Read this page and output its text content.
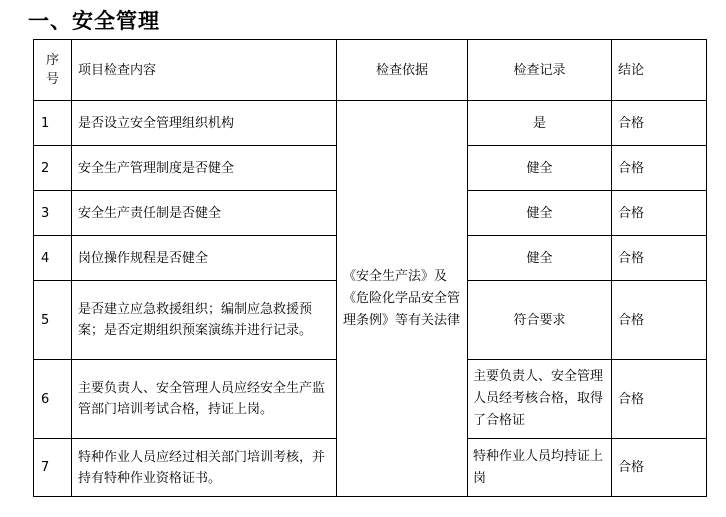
一、安全管理
序号	项目检查内容	检查依据	检查记录	结论
1	是否设立安全管理组织机构	《安全生产法》及《危险化学品安全管理条例》等有关法律	是	合格
2	安全生产管理制度是否健全		健全	合格
3	安全生产责任制是否健全		健全	合格
4	岗位操作规程是否健全		健全	合格
5	是否建立应急救援组织；编制应急救援预案；是否定期组织预案演练并进行记录。		符合要求	合格
6	主要负责人、安全管理人员应经安全生产监管部门培训考试合格，持证上岗。		主要负责人、安全管理人员经考核合格，取得了合格证	合格
7	特种作业人员应经过相关部门培训考核，并持有特种作业资格证书。		特种作业人员均持证上岗	合格
